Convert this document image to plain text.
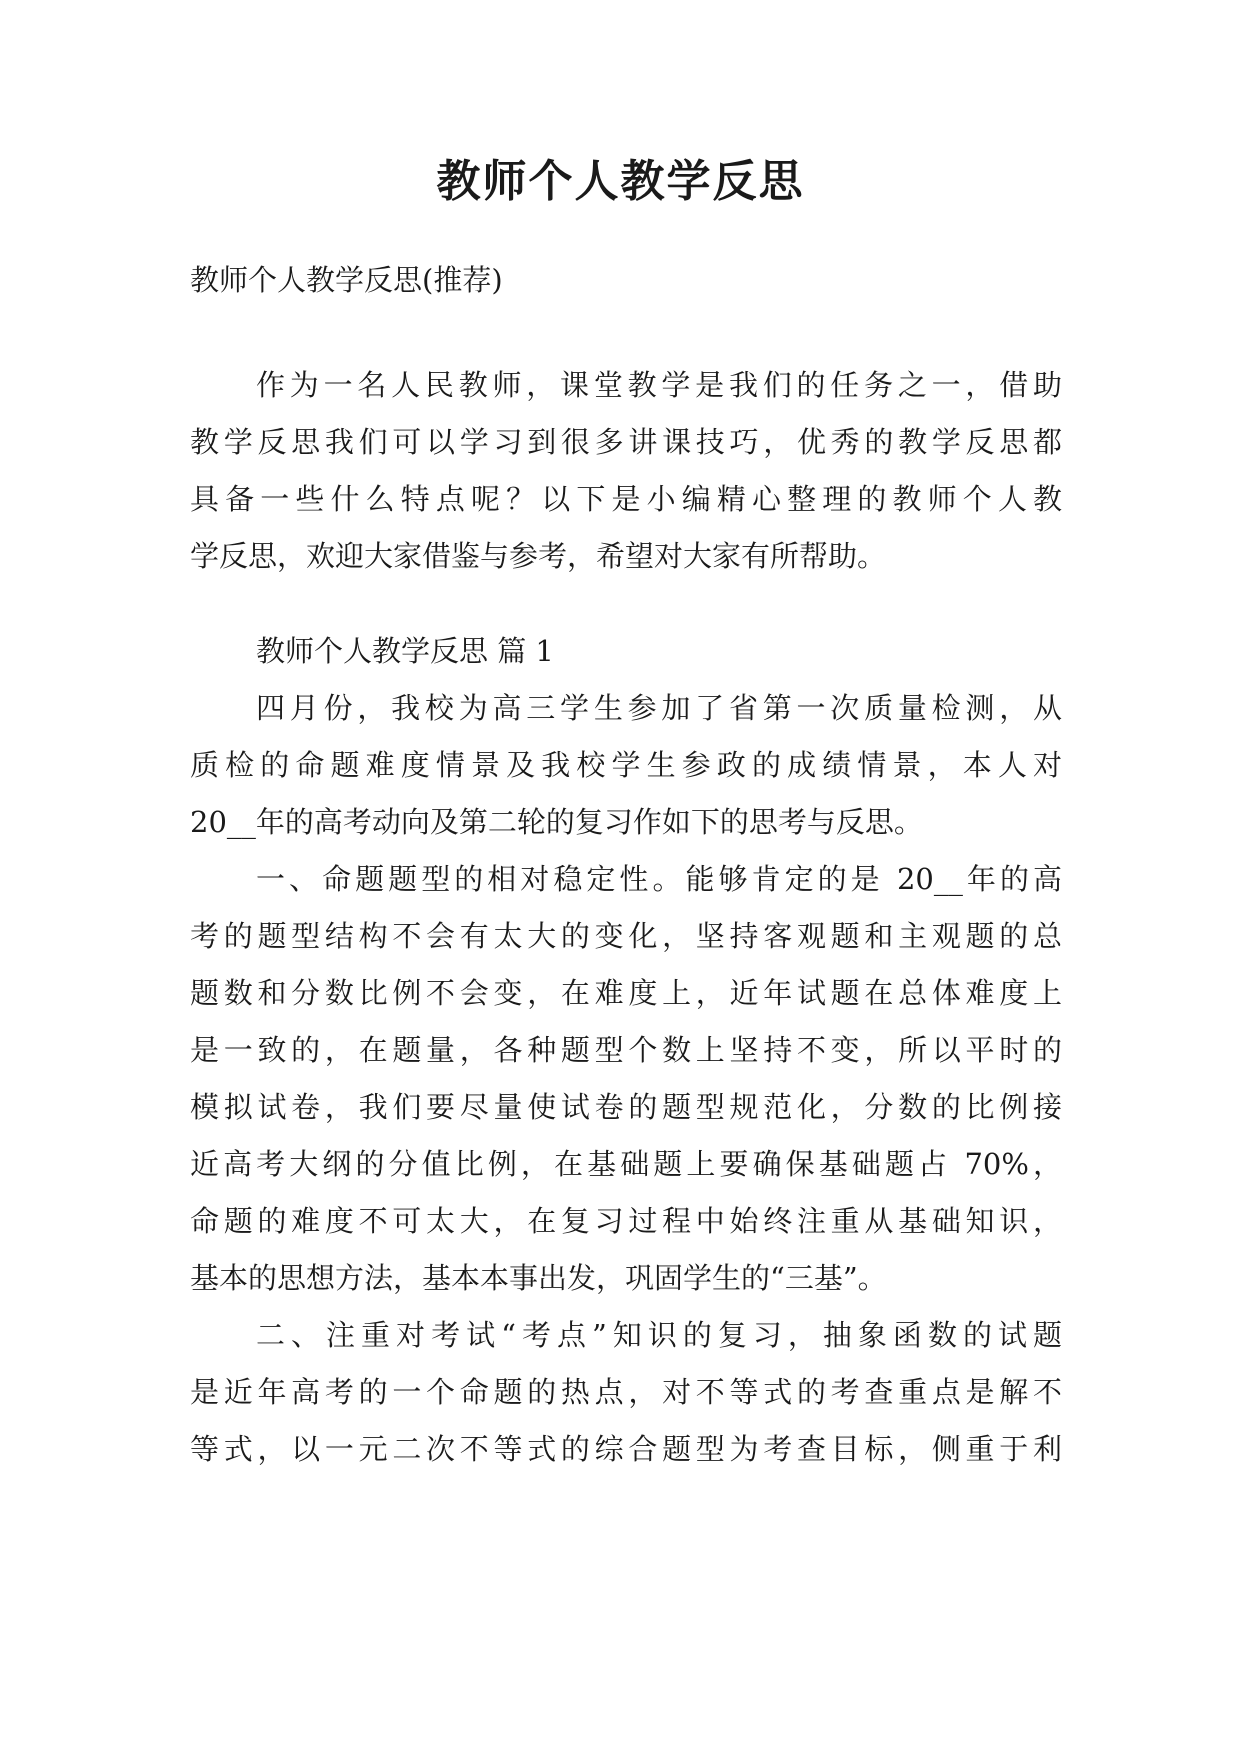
教师个人教学反思

教师个人教学反思(推荐)

作为一名人民教师，课堂教学是我们的任务之一，借助
教学反思我们可以学习到很多讲课技巧，优秀的教学反思都
具备一些什么特点呢？以下是小编精心整理的教师个人教
学反思，欢迎大家借鉴与参考，希望对大家有所帮助。
教师个人教学反思 篇 1
四月份，我校为高三学生参加了省第一次质量检测，从
质检的命题难度情景及我校学生参政的成绩情景，本人对
20__年的高考动向及第二轮的复习作如下的思考与反思。
一、命题题型的相对稳定性。能够肯定的是 20__年的高
考的题型结构不会有太大的变化，坚持客观题和主观题的总
题数和分数比例不会变，在难度上，近年试题在总体难度上
是一致的，在题量，各种题型个数上坚持不变，所以平时的
模拟试卷，我们要尽量使试卷的题型规范化，分数的比例接
近高考大纲的分值比例，在基础题上要确保基础题占 70%，
命题的难度不可太大，在复习过程中始终注重从基础知识，
基本的思想方法，基本本事出发，巩固学生的“三基”。
二、注重对考试“考点”知识的复习，抽象函数的试题
是近年高考的一个命题的热点，对不等式的考查重点是解不
等式，以一元二次不等式的综合题型为考查目标，侧重于利
